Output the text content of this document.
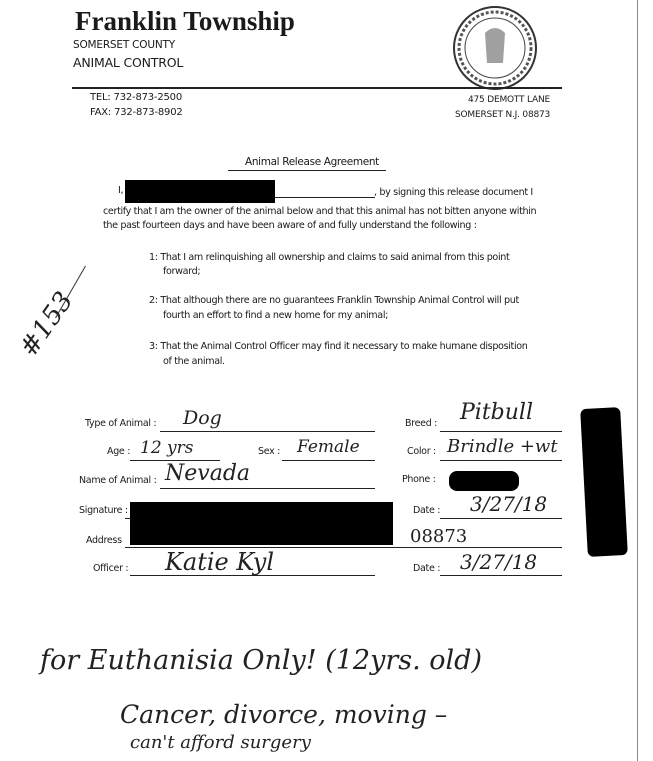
Franklin Township
SOMERSET COUNTY
ANIMAL CONTROL
TEL: 732-873-2500
FAX: 732-873-8902
475 DEMOTT LANE
SOMERSET N.J. 08873
Animal Release Agreement
I,	, by signing this release document I
certify that I am the owner of the animal below and that this animal has not bitten anyone within
the past fourteen days and have been aware of and fully understand the following :
1: That I am relinquishing all ownership and claims to said animal from this point
forward;
2: That although there are no guarantees Franklin Township Animal Control will put
fourth an effort to find a new home for my animal;
3: That the Animal Control Officer may find it necessary to make humane disposition
of the animal.
#153
Type of Animal : Dog	Breed : Pitbull
Age : 12 yrs	Sex : Female	Color : Brindle +wt
Name of Animal : Nevada	Phone :
Signature :	Date : 3/27/18
Address	08873
Officer : Katie Kyl	Date : 3/27/18
for Euthanisia Only! (12yrs. old)
Cancer, divorce, moving –
can't afford surgery
